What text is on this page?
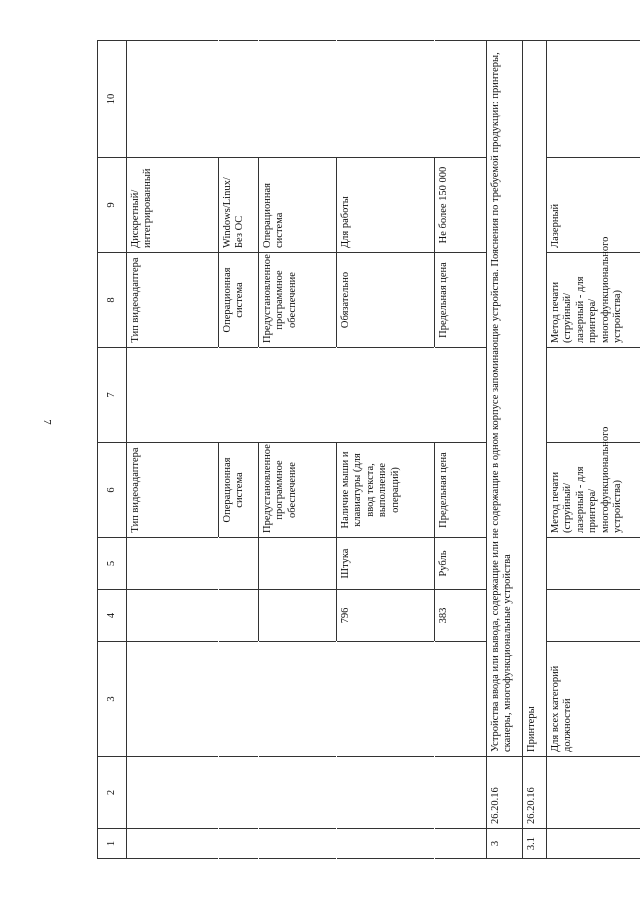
7
1	2	3	4	5	6	7	8	9	10
					Тип видеоадаптера		Тип видеоадаптера	Дискретный/интегрированный	
					Операционная система		Операционная система	Windows/Linux/ Без ОС	
					Предустановленное программное обеспечение		Предустановленное программное обеспечение	Операционная система	
			796	Штука	Наличие мыши и клавиатуры (для ввод текста, выполнение операций)		Обязательно	Для работы	
			383	Рубль	Предельная цена		Предельная цена	Не более 150 000	
3	26.20.16	Устройства ввода или вывода, содержащие или не содержащие в одном корпусе запоминающие устройства. Пояснения по требуемой продукции: принтеры, сканеры, многофункциональные устройства							
3.1	26.20.16	Принтеры							
		Для всех категорий должностей			Метод печати (струйный/лазерный - для принтера/многофункционального устройства)		Метод печати (струйный/лазерный - для принтера/многофункционального устройства)	Лазерный	
